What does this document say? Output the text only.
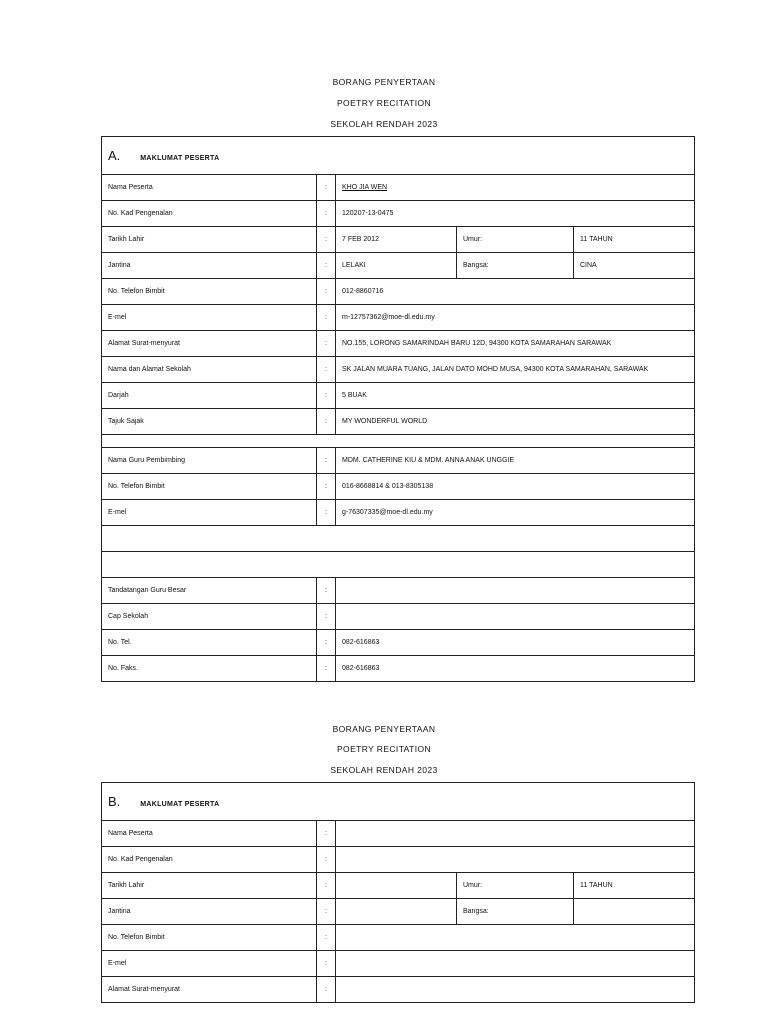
BORANG PENYERTAAN
POETRY RECITATION
SEKOLAH RENDAH 2023
A. MAKLUMAT PESERTA				
Nama Peserta	:	KHO JIA WEN		
No. Kad Pengenalan	:	120207-13-0475		
Tarikh Lahir	:	7 FEB 2012	Umur:	11 TAHUN
Jantina	:	LELAKI	Bangsa:	CINA
No. Telefon Bimbit	:	012-8860716		
E-mel	:	m-12757362@moe-dl.edu.my		
Alamat Surat-menyurat	:	NO.155, LORONG SAMARINDAH BARU 12D, 94300 KOTA SAMARAHAN SARAWAK		
Nama dan Alamat Sekolah	:	SK JALAN MUARA TUANG, JALAN DATO MOHD MUSA, 94300 KOTA SAMARAHAN, SARAWAK		
Darjah	:	5 BUAK		
Tajuk Sajak	:	MY WONDERFUL WORLD		

Nama Guru Pembimbing	:	MDM. CATHERINE KIU & MDM. ANNA ANAK UNGGIE		
No. Telefon Bimbit	:	016-8668814 & 013-8305138		
E-mel	:	g-76307335@moe-dl.edu.my		

Tandatangan Guru Besar	:			
Cap Sekolah	:			
No. Tel.	:	082-616863		
No. Faks.	:	082-616863		
BORANG PENYERTAAN
POETRY RECITATION
SEKOLAH RENDAH 2023
B. MAKLUMAT PESERTA				
Nama Peserta	:			
No. Kad Pengenalan	:			
Tarikh Lahir	:		Umur:	11 TAHUN
Jantina	:		Bangsa:	
No. Telefon Bimbit	:			
E-mel	:			
Alamat Surat-menyurat	:			
